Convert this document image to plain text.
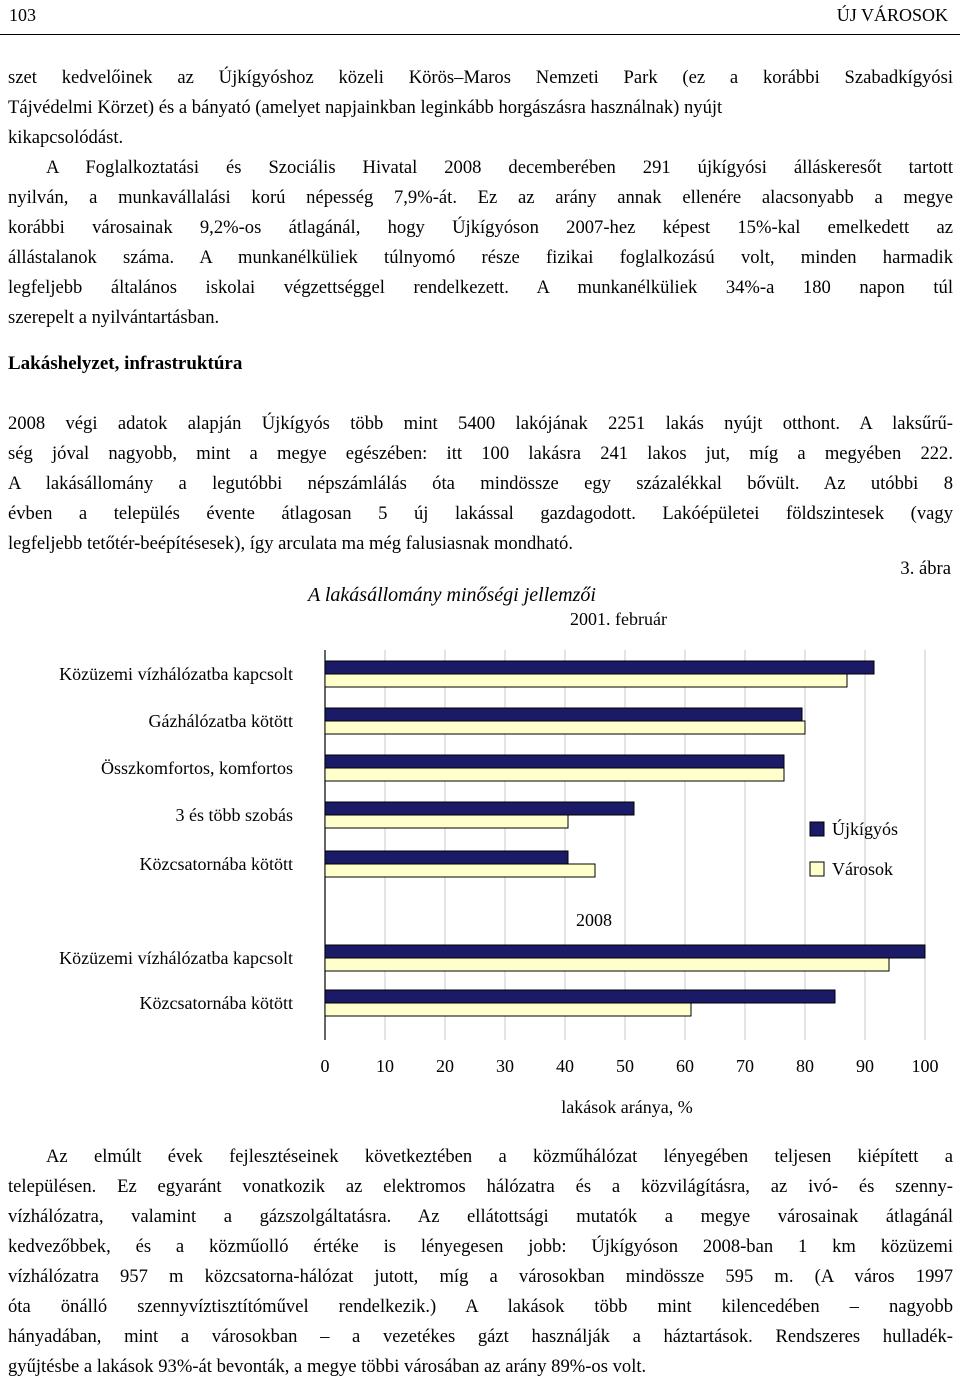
103	ÚJ VÁROSOK
szet kedvelőinek az Újkígyóshoz közeli Körös–Maros Nemzeti Park (ez a korábbi Szabadkígyósi
Tájvédelmi Körzet) és a bányató (amelyet napjainkban leginkább horgászásra használnak) nyújt
kikapcsolódást.
A Foglalkoztatási és Szociális Hivatal 2008 decemberében 291 újkígyósi álláskeresőt tartott
nyilván, a munkavállalási korú népesség 7,9%-át. Ez az arány annak ellenére alacsonyabb a megye
korábbi városainak 9,2%-os átlagánál, hogy Újkígyóson 2007-hez képest 15%-kal emelkedett az
állástalanok száma. A munkanélküliek túlnyomó része fizikai foglalkozású volt, minden harmadik
legfeljebb általános iskolai végzettséggel rendelkezett. A munkanélküliek 34%-a 180 napon túl
szerepelt a nyilvántartásban.
Lakáshelyzet, infrastruktúra
2008 végi adatok alapján Újkígyós több mint 5400 lakójának 2251 lakás nyújt otthont. A laksűrű-
ség jóval nagyobb, mint a megye egészében: itt 100 lakásra 241 lakos jut, míg a megyében 222.
A lakásállomány a legutóbbi népszámlálás óta mindössze egy százalékkal bővült. Az utóbbi 8
évben a település évente átlagosan 5 új lakással gazdagodott. Lakóépületei földszintesek (vagy
legfeljebb tetőtér-beépítésesek), így arculata ma még falusiasnak mondható.
3. ábra
A lakásállomány minőségi jellemzői
2001. február
Közüzemi vízhálózatba kapcsolt
Gázhálózatba kötött
Összkomfortos, komfortos
3 és több szobás
Közcsatornába kötött
Közüzemi vízhálózatba kapcsolt
Közcsatornába kötött
2008
0	10 20 30 40 50 60 70 80 90 100
lakások aránya, %
Újkígyós
Városok
Az elmúlt évek fejlesztéseinek következtében a közműhálózat lényegében teljesen kiépített a
településen. Ez egyaránt vonatkozik az elektromos hálózatra és a közvilágításra, az ivó- és szenny-
vízhálózatra, valamint a gázszolgáltatásra. Az ellátottsági mutatók a megye városainak átlagánál
kedvezőbbek, és a közműolló értéke is lényegesen jobb: Újkígyóson 2008-ban 1 km közüzemi
vízhálózatra 957 m közcsatorna-hálózat jutott, míg a városokban mindössze 595 m. (A város 1997
óta önálló szennyvíztisztítóművel rendelkezik.) A lakások több mint kilencedében – nagyobb
hányadában, mint a városokban – a vezetékes gázt használják a háztartások. Rendszeres hulladék-
gyűjtésbe a lakások 93%-át bevonták, a megye többi városában az arány 89%-os volt.
